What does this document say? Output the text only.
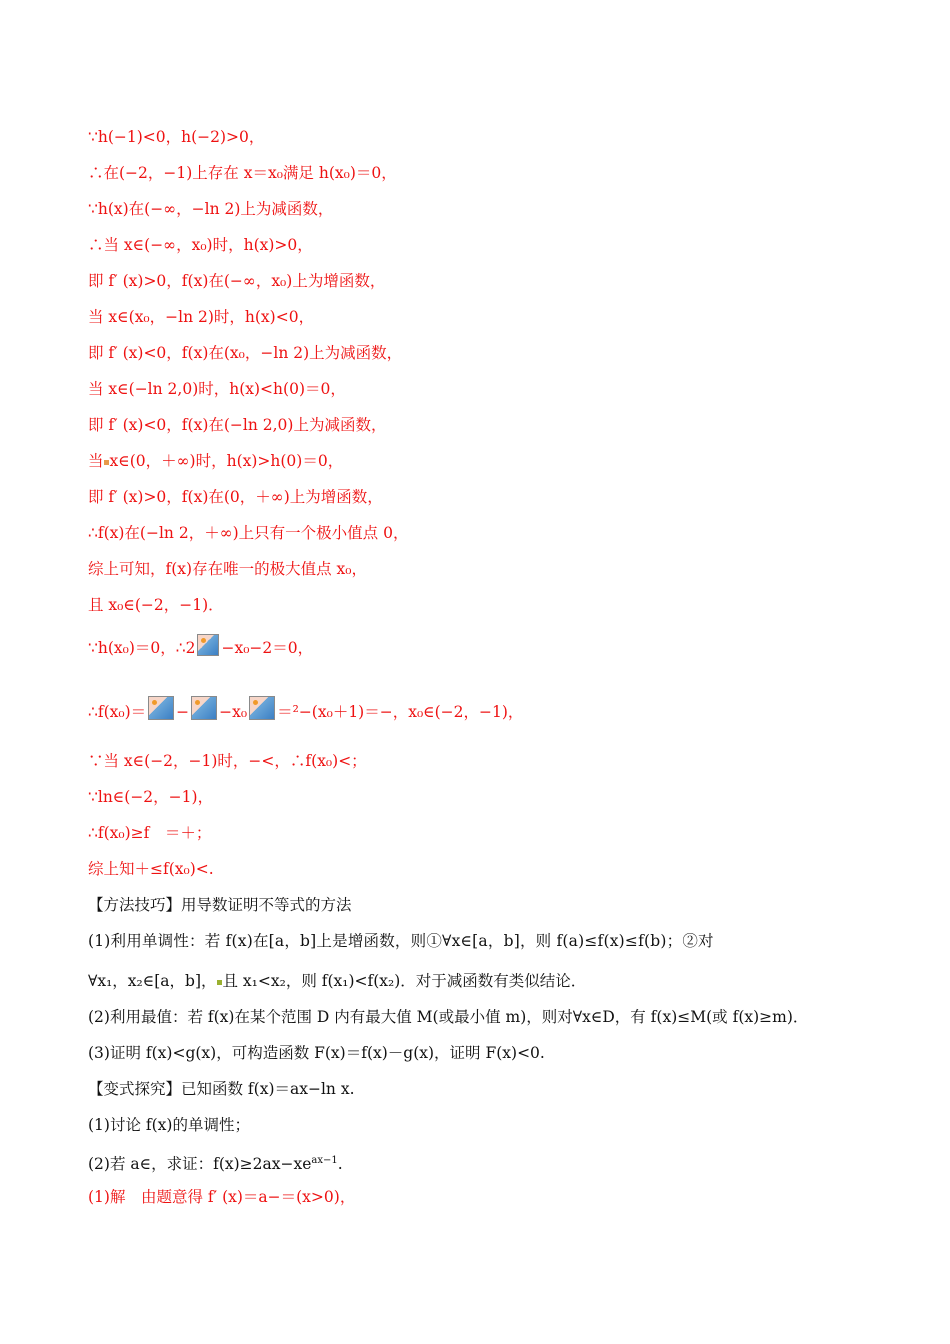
∵h(−1)<0，h(−2)>0，
∴在(−2，−1)上存在 x＝x₀满足 h(x₀)＝0，
∵h(x)在(−∞，−ln 2)上为减函数，
∴当 x∈(−∞，x₀)时，h(x)>0，
即 f′ (x)>0，f(x)在(−∞，x₀)上为增函数，
当 x∈(x₀，−ln 2)时，h(x)<0，
即 f′ (x)<0，f(x)在(x₀，−ln 2)上为减函数，
当 x∈(−ln 2,0)时，h(x)<h(0)＝0，
即 f′ (x)<0，f(x)在(−ln 2,0)上为减函数，
当 x∈(0，＋∞)时，h(x)>h(0)＝0，
即 f′ (x)>0，f(x)在(0，＋∞)上为增函数，
∴f(x)在(−ln 2，＋∞)上只有一个极小值点 0，
综上可知，f(x)存在唯一的极大值点 x₀，
且 x₀∈(−2，−1)．
∵h(x₀)＝0，∴2 −x₀−2＝0，
∴f(x₀)＝ − −x₀ ＝²−(x₀＋1)＝−，x₀∈(−2，−1)，
∵当 x∈(−2，−1)时，−<，∴f(x₀)<；
∵ln∈(−2，−1)，
∴f(x₀)≥f　＝＋；
综上知＋≤f(x₀)<.
【方法技巧】用导数证明不等式的方法
(1)利用单调性：若 f(x)在[a，b]上是增函数，则①∀x∈[a，b]，则 f(a)≤f(x)≤f(b)；②对
∀x₁，x₂∈[a，b]， 且 x₁<x₂，则 f(x₁)<f(x₂)．对于减函数有类似结论．
(2)利用最值：若 f(x)在某个范围 D 内有最大值 M(或最小值 m)，则对∀x∈D，有 f(x)≤M(或 f(x)≥m)．
(3)证明 f(x)<g(x)，可构造函数 F(x)＝f(x)－g(x)，证明 F(x)<0.
【变式探究】已知函数 f(x)＝ax−ln x.
(1)讨论 f(x)的单调性；
(2)若 a∈，求证：$f(x)\ge 2ax-xe^{ax-1}$.
(1)解　由题意得 f′ (x)＝a−＝(x>0)，
